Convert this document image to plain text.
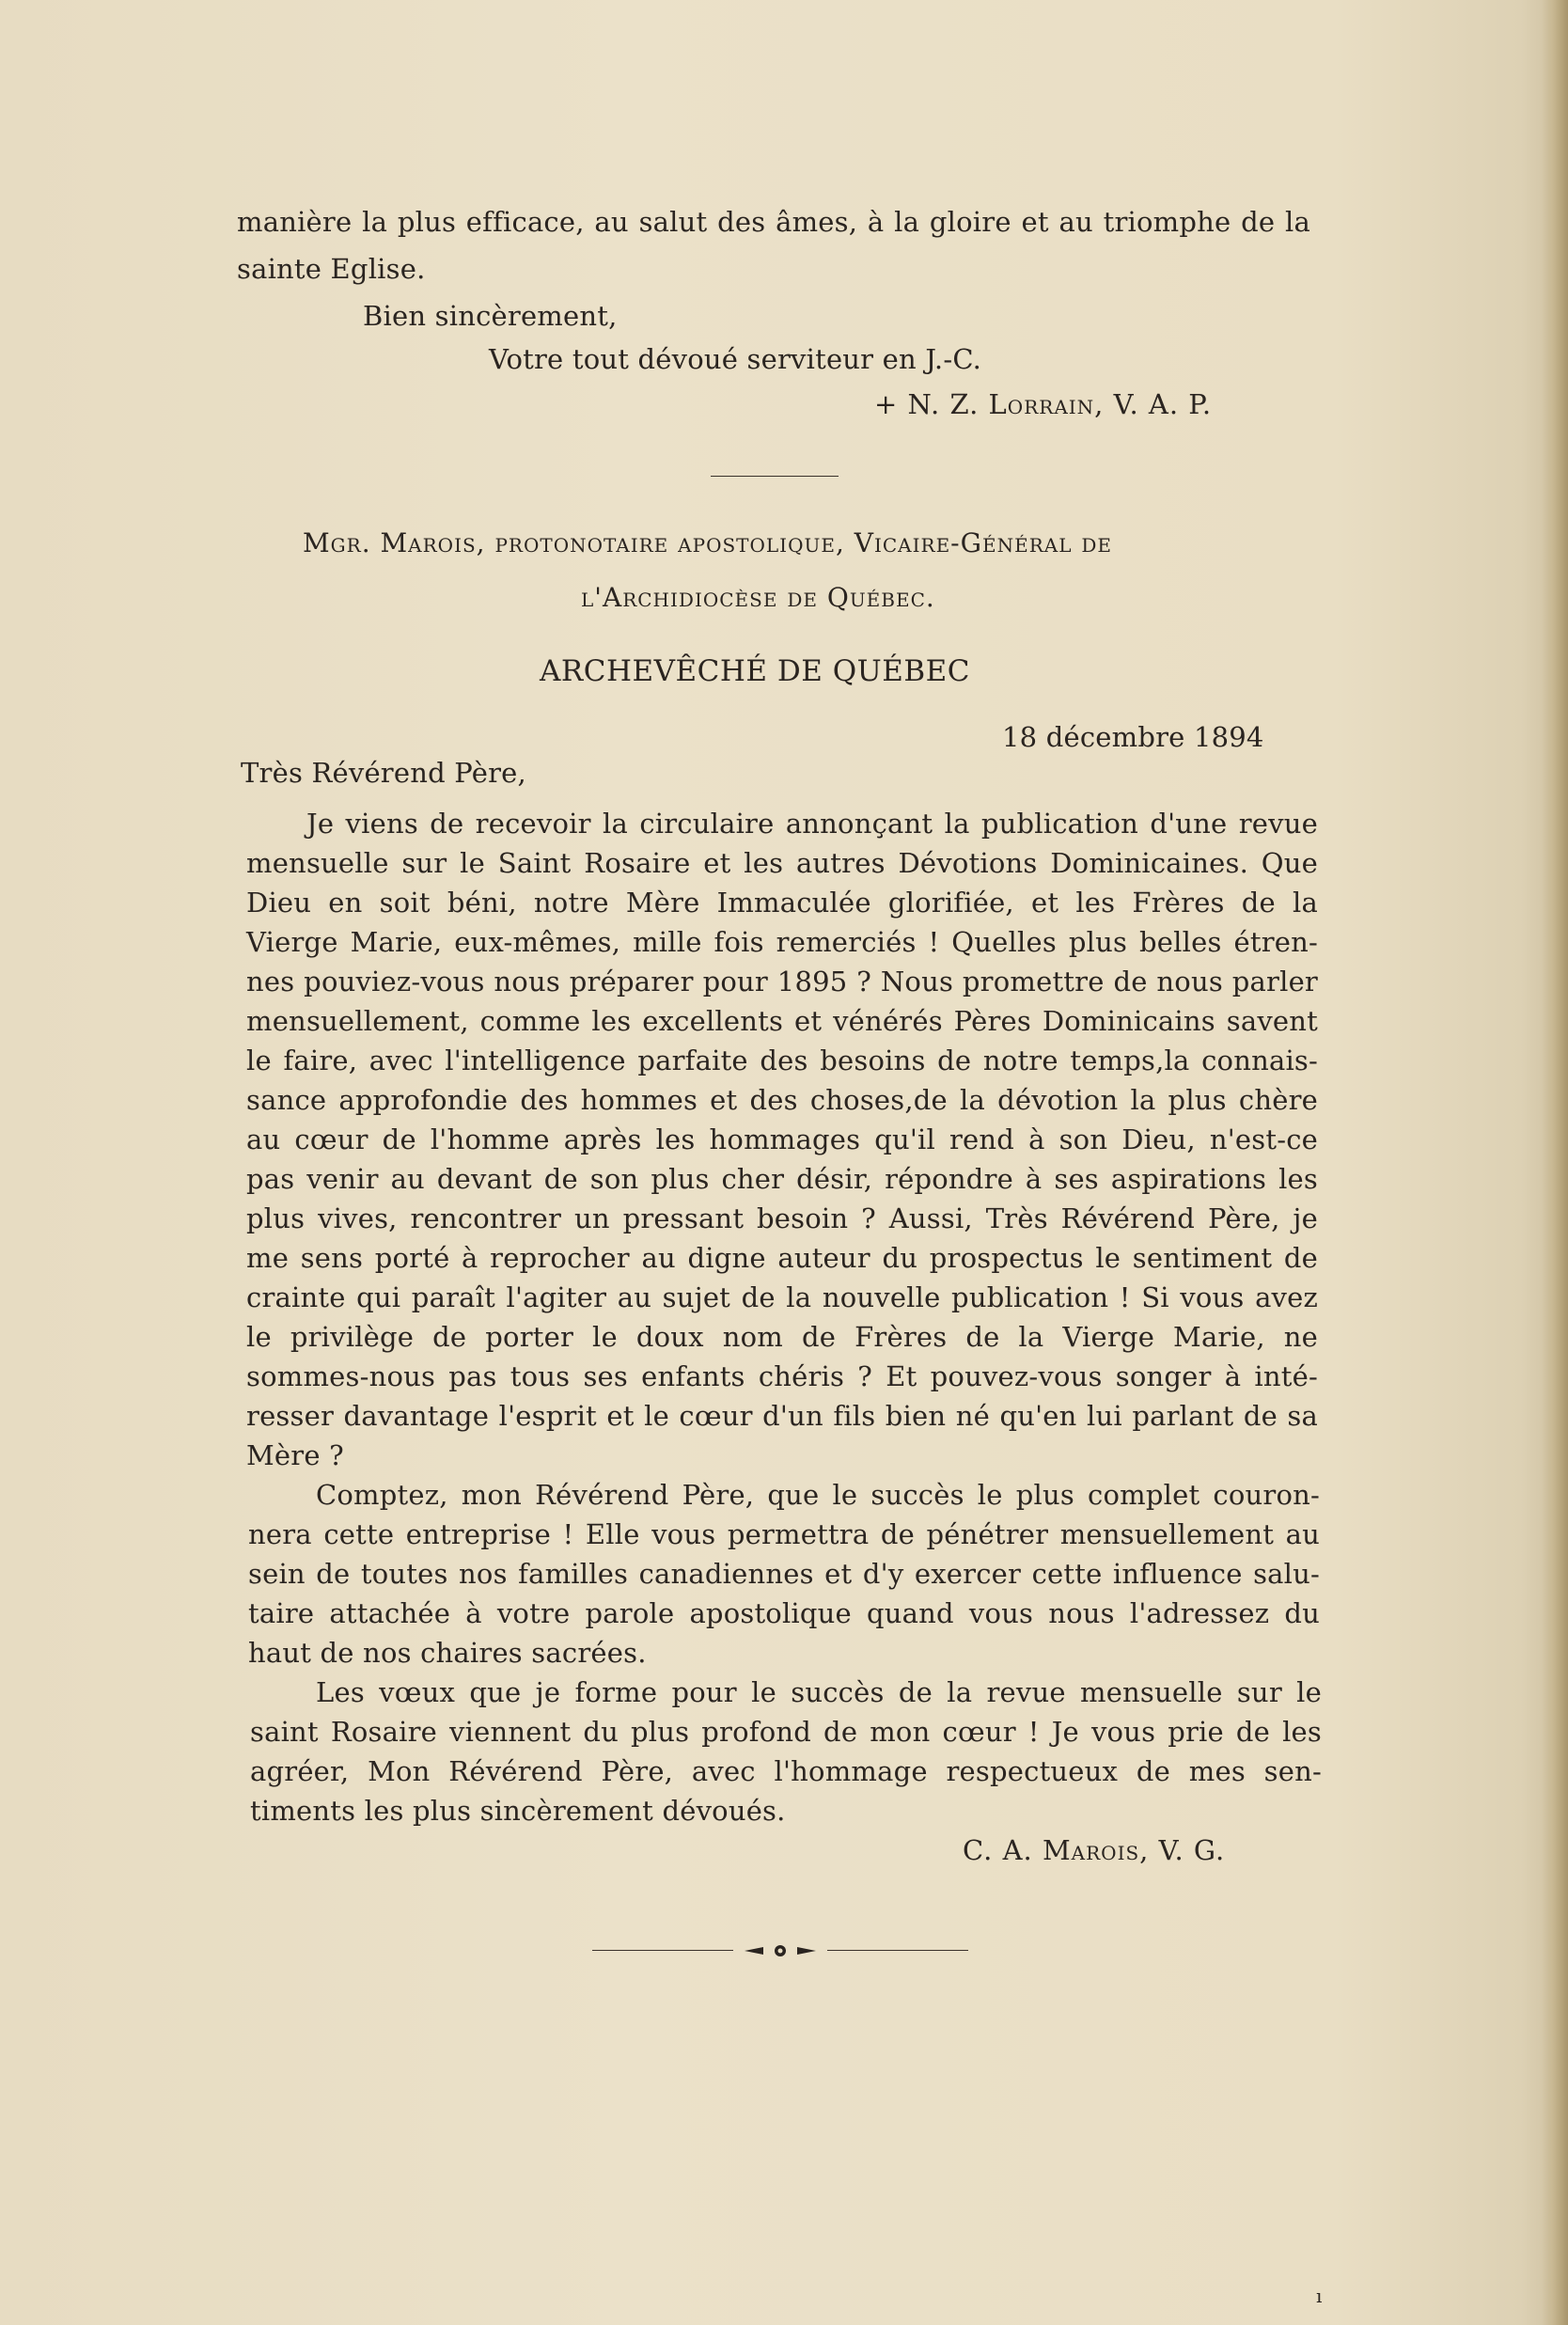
manière la plus efficace, au salut des âmes, à la gloire et au triomphe de la
sainte Eglise.
Bien sincèrement,
Votre tout dévoué serviteur en J.-C.
+ N. Z. Lorrain, V. A. P.
Mgr. Marois, protonotaire apostolique, Vicaire-Général de
l'Archidiocèse de Québec.
ARCHEVÊCHÉ DE QUÉBEC
18 décembre 1894
Très Révérend Père,
Je viens de recevoir la circulaire annonçant la publication d'une revue
mensuelle sur le Saint Rosaire et les autres Dévotions Dominicaines. Que
Dieu en soit béni, notre Mère Immaculée glorifiée, et les Frères de la
Vierge Marie, eux-mêmes, mille fois remerciés ! Quelles plus belles étren-
nes pouviez-vous nous préparer pour 1895 ? Nous promettre de nous parler
mensuellement, comme les excellents et vénérés Pères Dominicains savent
le faire, avec l'intelligence parfaite des besoins de notre temps,la connais-
sance approfondie des hommes et des choses,de la dévotion la plus chère
au cœur de l'homme après les hommages qu'il rend à son Dieu, n'est-ce
pas venir au devant de son plus cher désir, répondre à ses aspirations les
plus vives, rencontrer un pressant besoin ? Aussi, Très Révérend Père, je
me sens porté à reprocher au digne auteur du prospectus le sentiment de
crainte qui paraît l'agiter au sujet de la nouvelle publication ! Si vous avez
le privilège de porter le doux nom de Frères de la Vierge Marie, ne
sommes-nous pas tous ses enfants chéris ? Et pouvez-vous songer à inté-
resser davantage l'esprit et le cœur d'un fils bien né qu'en lui parlant de sa
Mère ?
Comptez, mon Révérend Père, que le succès le plus complet couron-
nera cette entreprise ! Elle vous permettra de pénétrer mensuellement au
sein de toutes nos familles canadiennes et d'y exercer cette influence salu-
taire attachée à votre parole apostolique quand vous nous l'adressez du
haut de nos chaires sacrées.
Les vœux que je forme pour le succès de la revue mensuelle sur le
saint Rosaire viennent du plus profond de mon cœur ! Je vous prie de les
agréer, Mon Révérend Père, avec l'hommage respectueux de mes sen-
timents les plus sincèrement dévoués.
C. A. Marois, V. G.
ı
